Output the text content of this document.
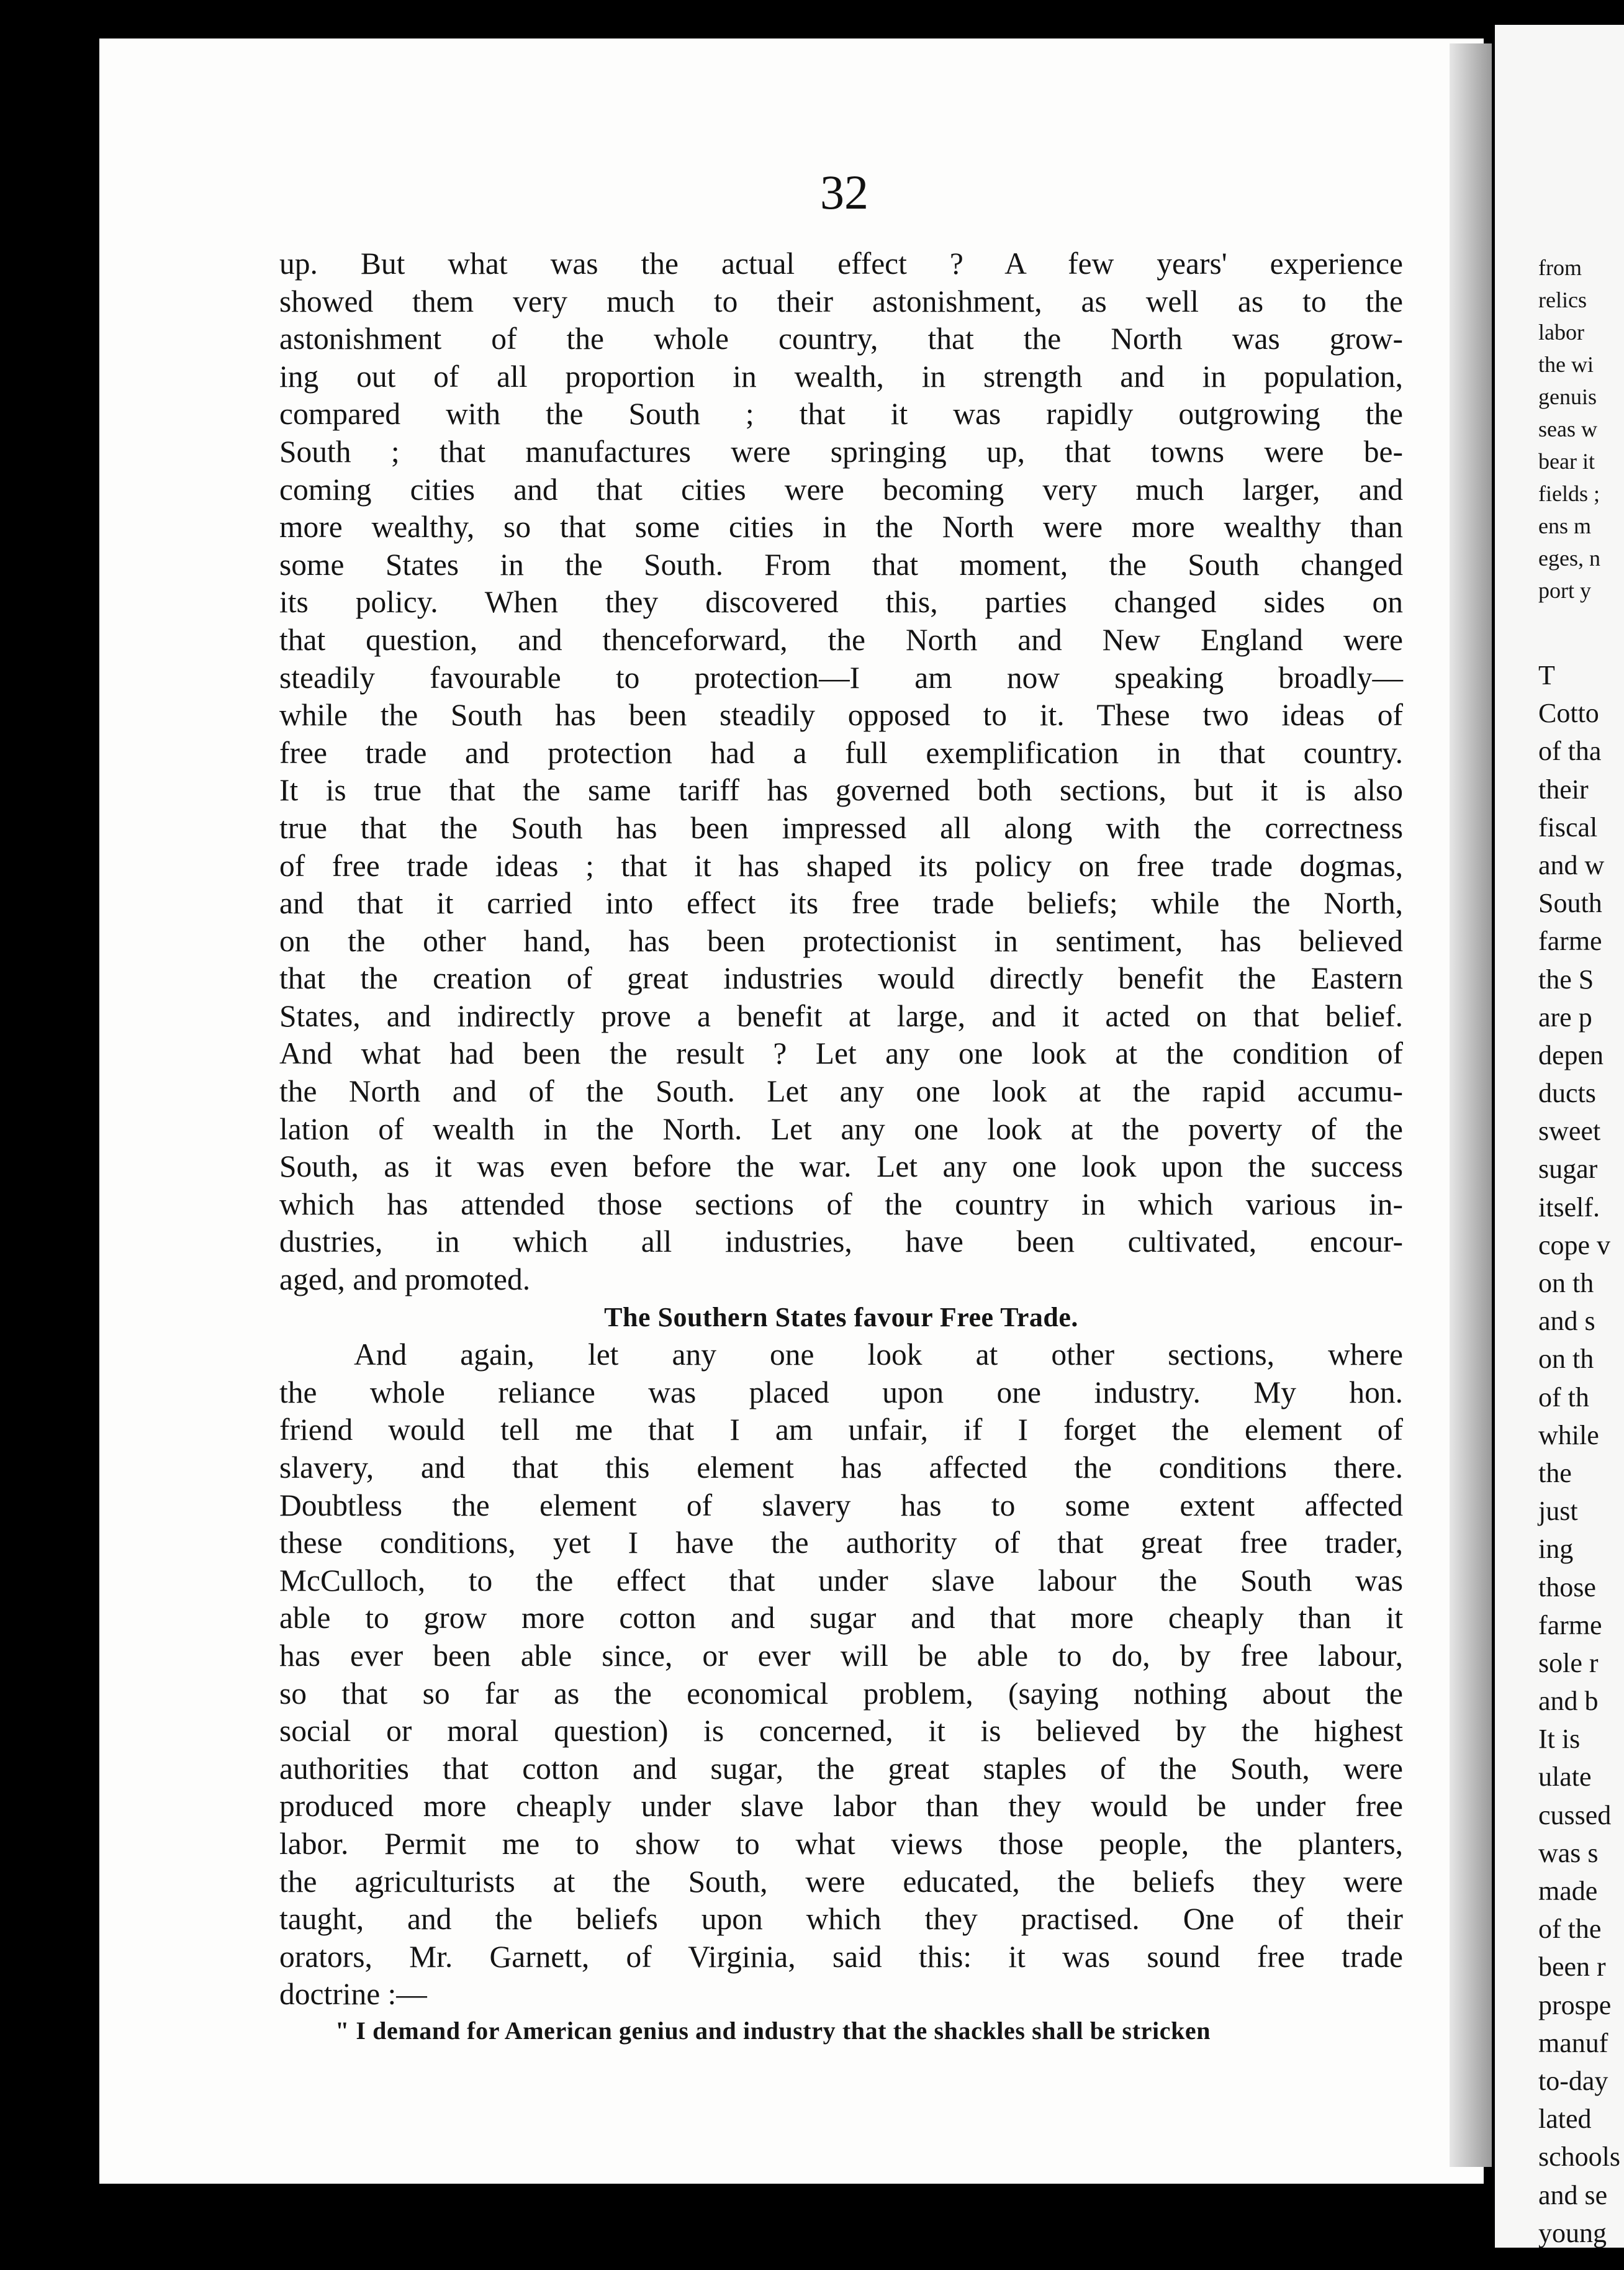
32
up. But what was the actual effect ? A few years' experience
showed them very much to their astonishment, as well as to the
astonishment of the whole country, that the North was grow-
ing out of all proportion in wealth, in strength and in population,
compared with the South ; that it was rapidly outgrowing the
South ; that manufactures were springing up, that towns were be-
coming cities and that cities were becoming very much larger, and
more wealthy, so that some cities in the North were more wealthy than
some States in the South. From that moment, the South changed
its policy. When they discovered this, parties changed sides on
that question, and thenceforward, the North and New England were
steadily favourable to protection—I am now speaking broadly—
while the South has been steadily opposed to it. These two ideas of
free trade and protection had a full exemplification in that country.
It is true that the same tariff has governed both sections, but it is also
true that the South has been impressed all along with the correctness
of free trade ideas ; that it has shaped its policy on free trade dogmas,
and that it carried into effect its free trade beliefs; while the North,
on the other hand, has been protectionist in sentiment, has believed
that the creation of great industries would directly benefit the Eastern
States, and indirectly prove a benefit at large, and it acted on that belief.
And what had been the result ? Let any one look at the condition of
the North and of the South. Let any one look at the rapid accumu-
lation of wealth in the North. Let any one look at the poverty of the
South, as it was even before the war. Let any one look upon the success
which has attended those sections of the country in which various in-
dustries, in which all industries, have been cultivated, encour-
aged, and promoted.
The Southern States favour Free Trade.
And again, let any one look at other sections, where
the whole reliance was placed upon one industry. My hon.
friend would tell me that I am unfair, if I forget the element of
slavery, and that this element has affected the conditions there.
Doubtless the element of slavery has to some extent affected
these conditions, yet I have the authority of that great free trader,
McCulloch, to the effect that under slave labour the South was
able to grow more cotton and sugar and that more cheaply than it
has ever been able since, or ever will be able to do, by free labour,
so that so far as the economical problem, (saying nothing about the
social or moral question) is concerned, it is believed by the highest
authorities that cotton and sugar, the great staples of the South, were
produced more cheaply under slave labor than they would be under free
labor. Permit me to show to what views those people, the planters,
the agriculturists at the South, were educated, the beliefs they were
taught, and the beliefs upon which they practised. One of their
orators, Mr. Garnett, of Virginia, said this: it was sound free trade
doctrine :—
" I demand for American genius and industry that the shackles shall be stricken
from
relics
labor
the wi
genuis
seas w
bear it
fields ;
ens m
eges, n
port y
T
Cotto
of tha
their
fiscal
and w
South
farme
the S
are p
depen
ducts
sweet
sugar
itself.
cope v
on th
and s
on th
of th
while
the
just
ing
those
farme
sole r
and b
It is
ulate
cussed
was s
made
of the
been r
prospe
manuf
to-day
lated
schools
and se
young
